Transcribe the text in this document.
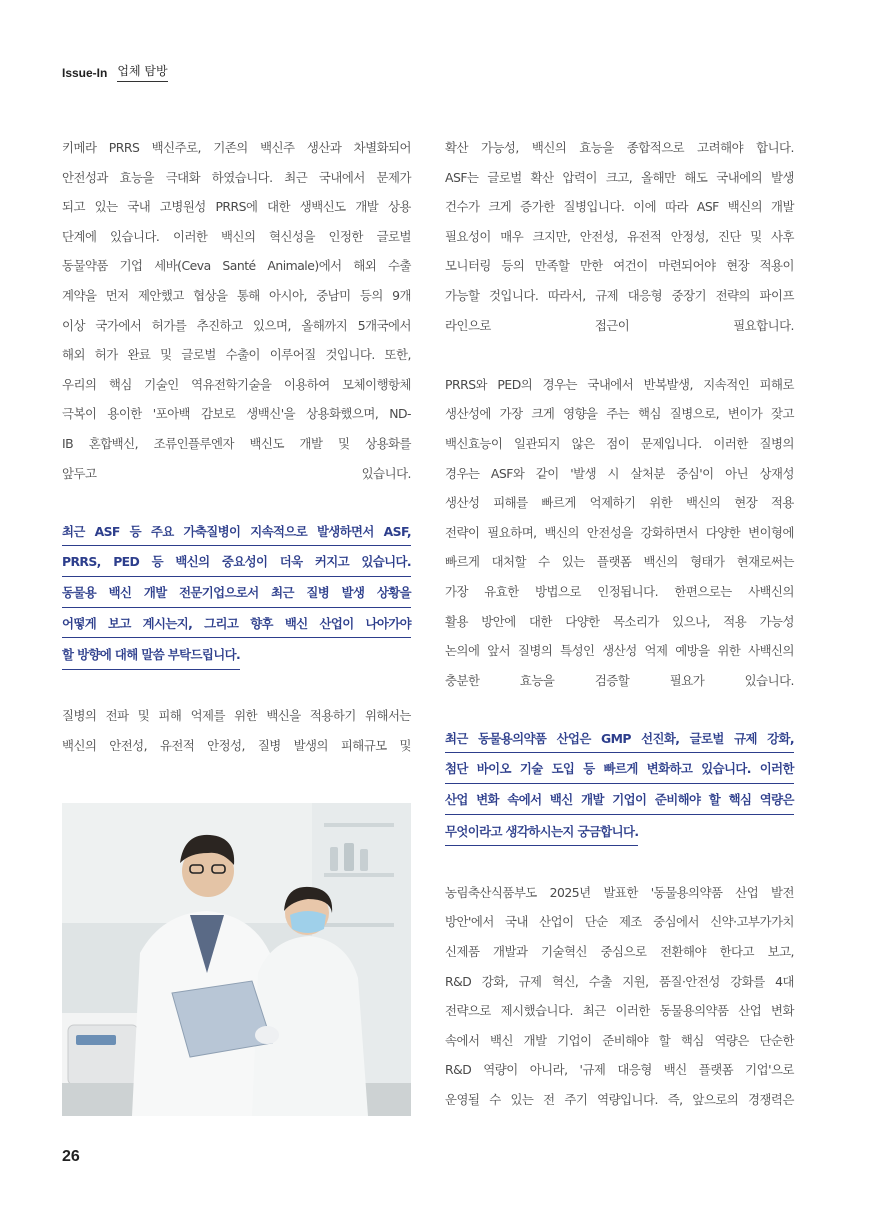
Issue-In 업체 탐방
키메라 PRRS 백신주로, 기존의 백신주 생산과 차별화되어
안전성과 효능을 극대화 하였습니다. 최근 국내에서 문제가
되고 있는 국내 고병원성 PRRS에 대한 생백신도 개발 상용
단계에 있습니다. 이러한 백신의 혁신성을 인정한 글로벌
동물약품 기업 세바(Ceva Santé Animale)에서 해외 수출
계약을 먼저 제안했고 협상을 통해 아시아, 중남미 등의 9개
이상 국가에서 허가를 추진하고 있으며, 올해까지 5개국에서
해외 허가 완료 및 글로벌 수출이 이루어질 것입니다. 또한,
우리의 핵심 기술인 역유전학기술을 이용하여 모체이행항체
극복이 용이한 '포아백 감보로 생백신'을 상용화했으며, ND-
IB 혼합백신, 조류인플루엔자 백신도 개발 및 상용화를
앞두고 있습니다.
최근 ASF 등 주요 가축질병이 지속적으로 발생하면서 ASF,
PRRS, PED 등 백신의 중요성이 더욱 커지고 있습니다.
동물용 백신 개발 전문기업으로서 최근 질병 발생 상황을
어떻게 보고 계시는지, 그리고 향후 백신 산업이 나아가야
할 방향에 대해 말씀 부탁드립니다.
질병의 전파 및 피해 억제를 위한 백신을 적용하기 위해서는
백신의 안전성, 유전적 안정성, 질병 발생의 피해규모 및
확산 가능성, 백신의 효능을 종합적으로 고려해야 합니다.
ASF는 글로벌 확산 압력이 크고, 올해만 해도 국내에의 발생
건수가 크게 증가한 질병입니다. 이에 따라 ASF 백신의 개발
필요성이 매우 크지만, 안전성, 유전적 안정성, 진단 및 사후
모니터링 등의 만족할 만한 여건이 마련되어야 현장 적용이
가능할 것입니다. 따라서, 규제 대응형 중장기 전략의 파이프
라인으로 접근이 필요합니다.
PRRS와 PED의 경우는 국내에서 반복발생, 지속적인 피해로
생산성에 가장 크게 영향을 주는 핵심 질병으로, 변이가 잦고
백신효능이 일관되지 않은 점이 문제입니다. 이러한 질병의
경우는 ASF와 같이 '발생 시 살처분 중심'이 아닌 상재성
생산성 피해를 빠르게 억제하기 위한 백신의 현장 적용
전략이 필요하며, 백신의 안전성을 강화하면서 다양한 변이형에
빠르게 대처할 수 있는 플랫폼 백신의 형태가 현재로써는
가장 유효한 방법으로 인정됩니다. 한편으로는 사백신의
활용 방안에 대한 다양한 목소리가 있으나, 적용 가능성
논의에 앞서 질병의 특성인 생산성 억제 예방을 위한 사백신의
충분한 효능을 검증할 필요가 있습니다.
최근 동물용의약품 산업은 GMP 선진화, 글로벌 규제 강화,
첨단 바이오 기술 도입 등 빠르게 변화하고 있습니다. 이러한
산업 변화 속에서 백신 개발 기업이 준비해야 할 핵심 역량은
무엇이라고 생각하시는지 궁금합니다.
농림축산식품부도 2025년 발표한 '동물용의약품 산업 발전
방안'에서 국내 산업이 단순 제조 중심에서 신약·고부가가치
신제품 개발과 기술혁신 중심으로 전환해야 한다고 보고,
R&D 강화, 규제 혁신, 수출 지원, 품질·안전성 강화를 4대
전략으로 제시했습니다. 최근 이러한 동물용의약품 산업 변화
속에서 백신 개발 기업이 준비해야 할 핵심 역량은 단순한
R&D 역량이 아니라, '규제 대응형 백신 플랫폼 기업'으로
운영될 수 있는 전 주기 역량입니다. 즉, 앞으로의 경쟁력은
26
